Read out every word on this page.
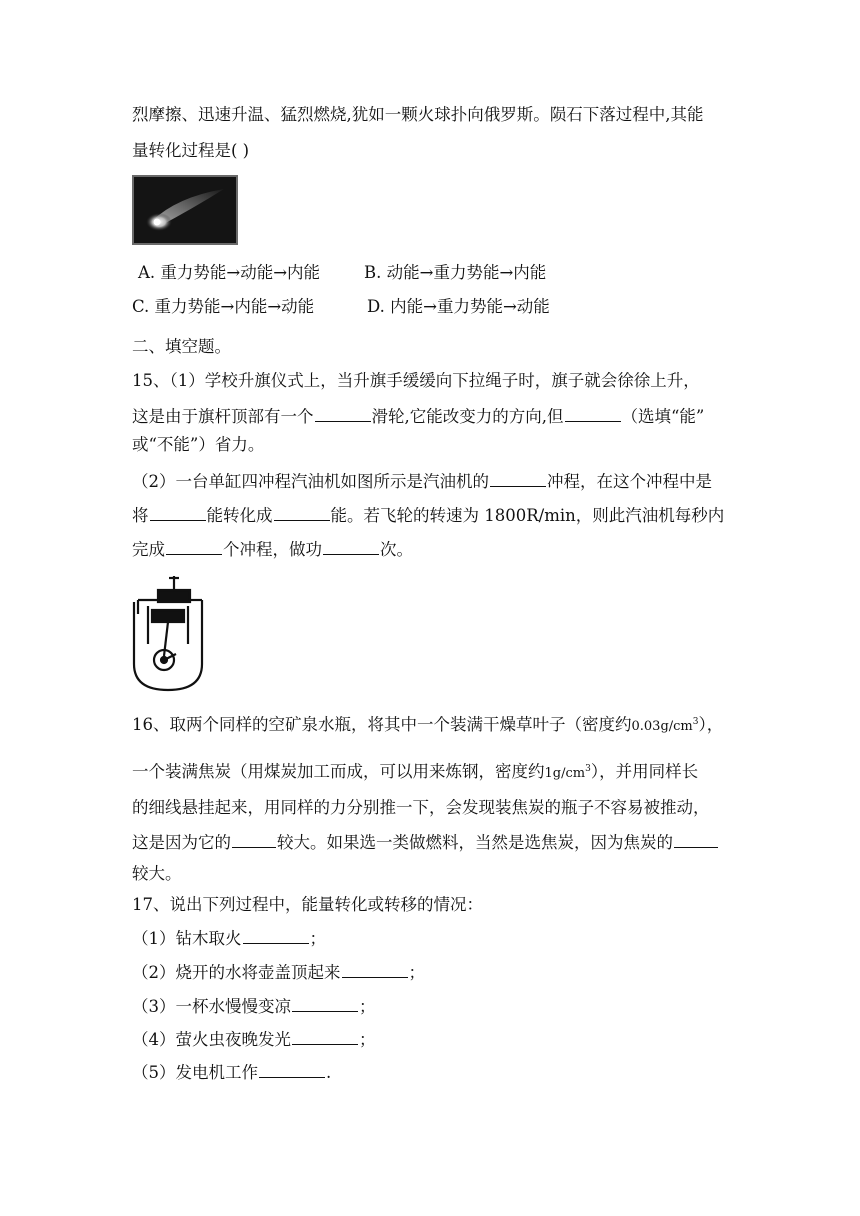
烈摩擦、迅速升温、猛烈燃烧,犹如一颗火球扑向俄罗斯。陨石下落过程中,其能
量转化过程是( )
A. 重力势能→动能→内能	B. 动能→重力势能→内能
C. 重力势能→内能→动能	D. 内能→重力势能→动能
二、填空题。
15、（1）学校升旗仪式上，当升旗手缓缓向下拉绳子时，旗子就会徐徐上升，
这是由于旗杆顶部有一个	滑轮,它能改变力的方向,但	（选填“能”
或“不能”）省力。
（2）一台单缸四冲程汽油机如图所示是汽油机的	冲程，在这个冲程中是
将	能转化成	能。若飞轮的转速为 1800R/min，则此汽油机每秒内
完成	个冲程，做功	次。
16、取两个同样的空矿泉水瓶，将其中一个装满干燥草叶子（密度约$0.03g/cm^3$），
一个装满焦炭（用煤炭加工而成，可以用来炼钢，密度约$1g/cm^3$），并用同样长
的细线悬挂起来，用同样的力分别推一下，会发现装焦炭的瓶子不容易被推动，
这是因为它的	较大。如果选一类做燃料，当然是选焦炭，因为焦炭的
较大。
17、说出下列过程中，能量转化或转移的情况：
（1）钻木取火	；
（2）烧开的水将壶盖顶起来	；
（3）一杯水慢慢变凉	；
（4）萤火虫夜晚发光	；
（5）发电机工作	.
